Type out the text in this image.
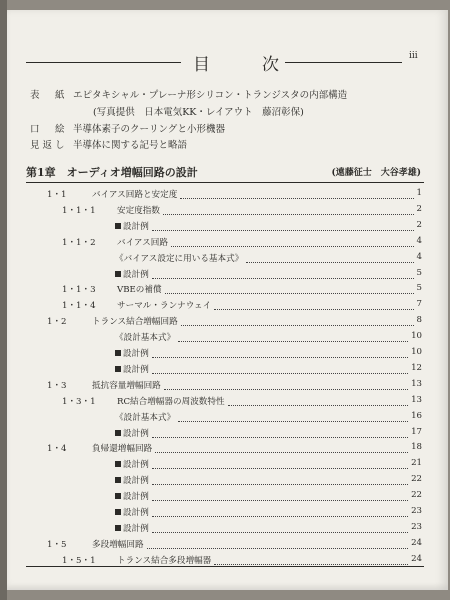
目	次	iii
表　紙 エピタキシャル・プレーナ形シリコン・トランジスタの内部構造
(写真提供　日本電気KK・レイアウト　藤沼彰保)
口　絵 半導体素子のクーリングと小形機器
見返し 半導体に関する記号と略語
第1章　オーディオ増幅回路の設計	(遠藤征士　大谷孝雄)
1・1	バイアス回路と安定度	1
1・1・1 安定度指数	2
設計例	2
1・1・2 バイアス回路	4
《バイアス設定に用いる基本式》	4
設計例	5
1・1・3 VBEの補償	5
1・1・4 サーマル・ランナウェイ	7
1・2	トランス結合増幅回路	8
《設計基本式》	10
設計例	10
設計例	12
1・3	抵抗容量増幅回路	13
1・3・1 RC結合増幅器の周波数特性	13
《設計基本式》	16
設計例	17
1・4	負帰還増幅回路	18
設計例	21
設計例	22
設計例	22
設計例	23
設計例	23
1・5	多段増幅回路	24
1・5・1 トランス結合多段増幅器	24
